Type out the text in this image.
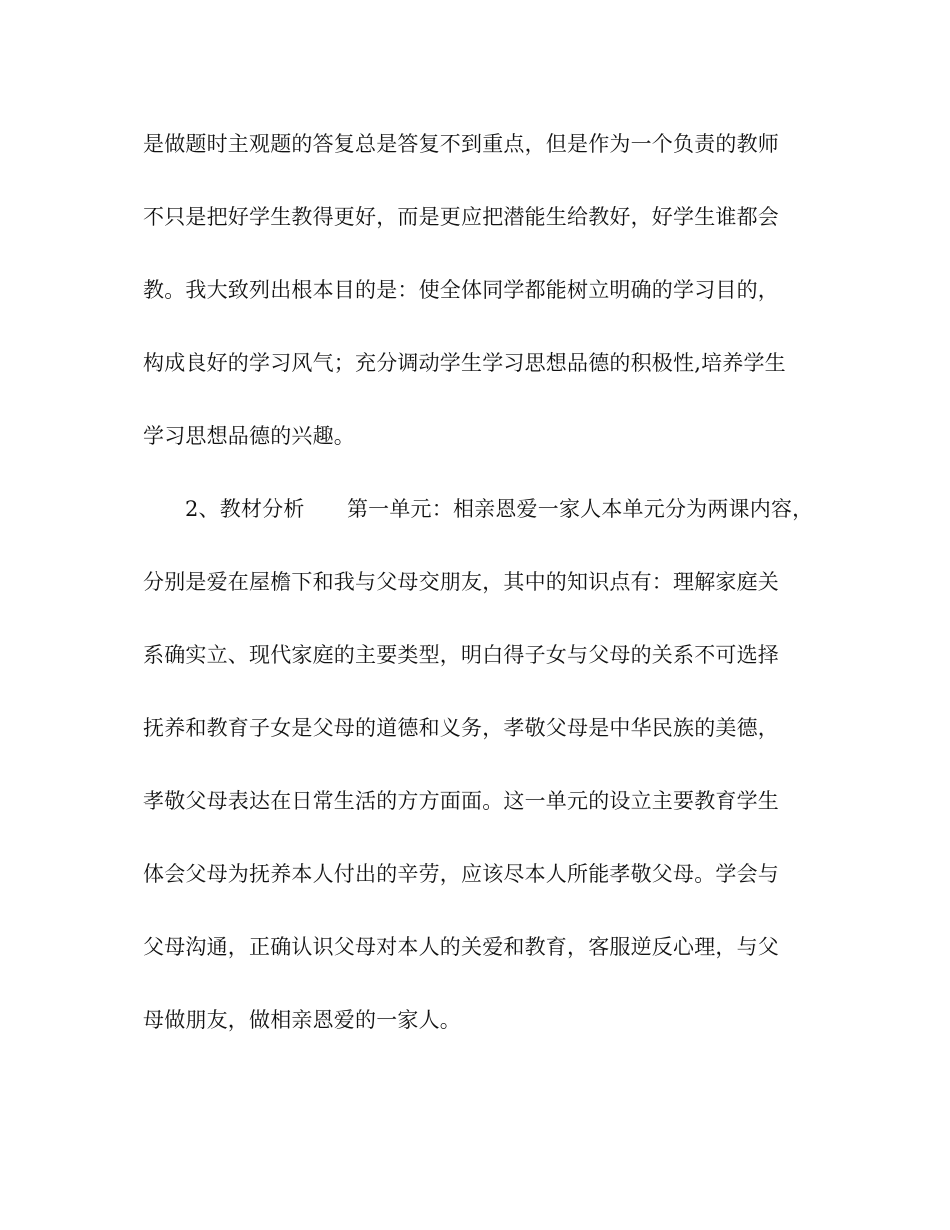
是做题时主观题的答复总是答复不到重点，但是作为一个负责的教师
不只是把好学生教得更好，而是更应把潜能生给教好，好学生谁都会
教。我大致列出根本目的是：使全体同学都能树立明确的学习目的，
构成良好的学习风气；充分调动学生学习思想品德的积极性,培养学生
学习思想品德的兴趣。
2、教材分析　　第一单元：相亲恩爱一家人本单元分为两课内容，
分别是爱在屋檐下和我与父母交朋友，其中的知识点有：理解家庭关
系确实立、现代家庭的主要类型，明白得子女与父母的关系不可选择
抚养和教育子女是父母的道德和义务，孝敬父母是中华民族的美德，
孝敬父母表达在日常生活的方方面面。这一单元的设立主要教育学生
体会父母为抚养本人付出的辛劳，应该尽本人所能孝敬父母。学会与
父母沟通，正确认识父母对本人的关爱和教育，客服逆反心理，与父
母做朋友，做相亲恩爱的一家人。
